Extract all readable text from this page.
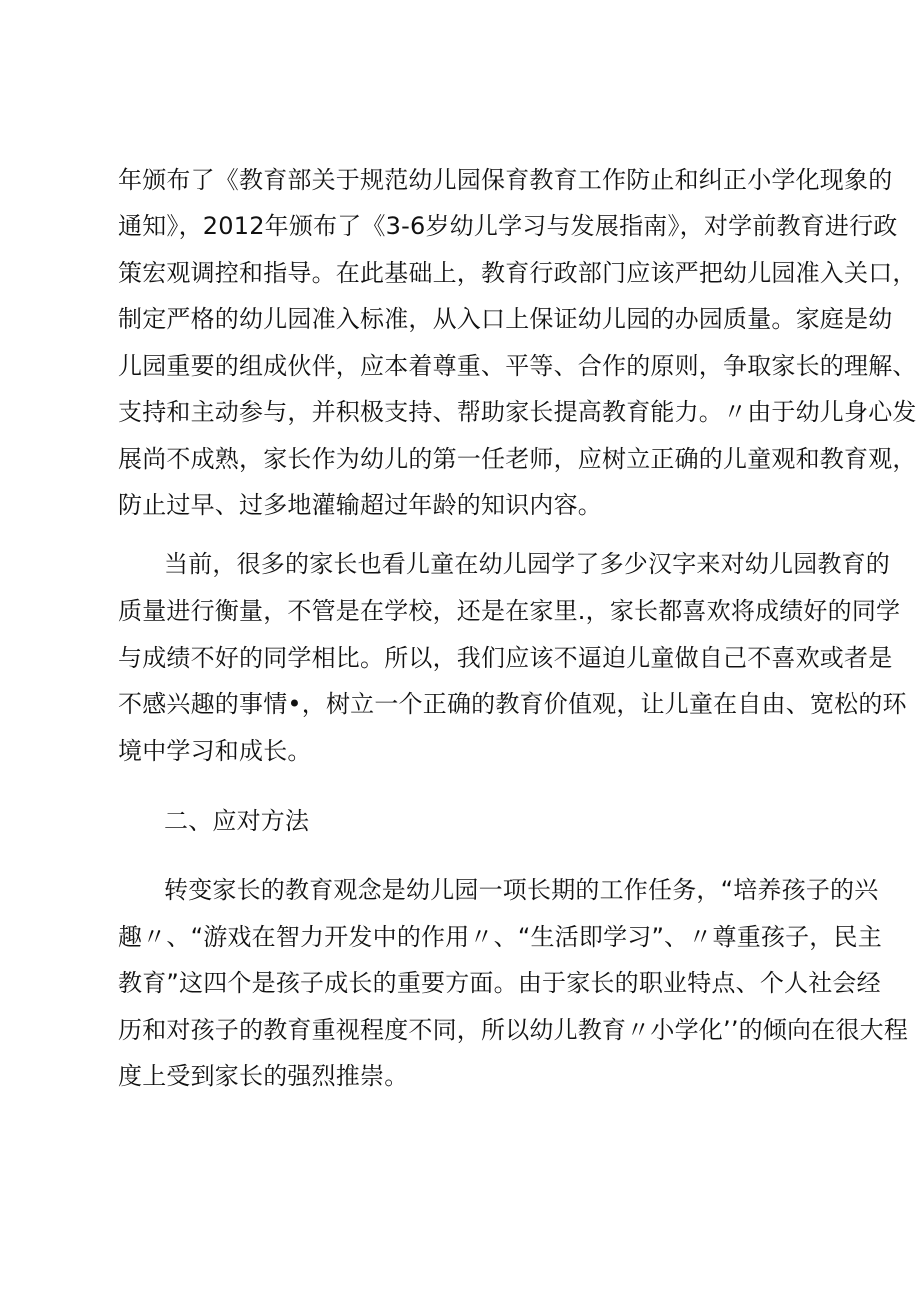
年颁布了《教育部关于规范幼儿园保育教育工作防止和纠正小学化现象的
通知》，2012年颁布了《3-6岁幼儿学习与发展指南》，对学前教育进行政
策宏观调控和指导。在此基础上，教育行政部门应该严把幼儿园准入关口，
制定严格的幼儿园准入标准，从入口上保证幼儿园的办园质量。家庭是幼
儿园重要的组成伙伴，应本着尊重、平等、合作的原则，争取家长的理解、
支持和主动参与，并积极支持、帮助家长提高教育能力。〃由于幼儿身心发
展尚不成熟，家长作为幼儿的第一任老师，应树立正确的儿童观和教育观，
防止过早、过多地灌输超过年龄的知识内容。
当前，很多的家长也看儿童在幼儿园学了多少汉字来对幼儿园教育的
质量进行衡量，不管是在学校，还是在家里.，家长都喜欢将成绩好的同学
与成绩不好的同学相比。所以，我们应该不逼迫儿童做自己不喜欢或者是
不感兴趣的事情•，树立一个正确的教育价值观，让儿童在自由、宽松的环
境中学习和成长。
二、应对方法
转变家长的教育观念是幼儿园一项长期的工作任务，“培养孩子的兴
趣〃、“游戏在智力开发中的作用〃、“生活即学习”、〃尊重孩子，民主
教育”这四个是孩子成长的重要方面。由于家长的职业特点、个人社会经
历和对孩子的教育重视程度不同，所以幼儿教育〃小学化’’的倾向在很大程
度上受到家长的强烈推崇。
